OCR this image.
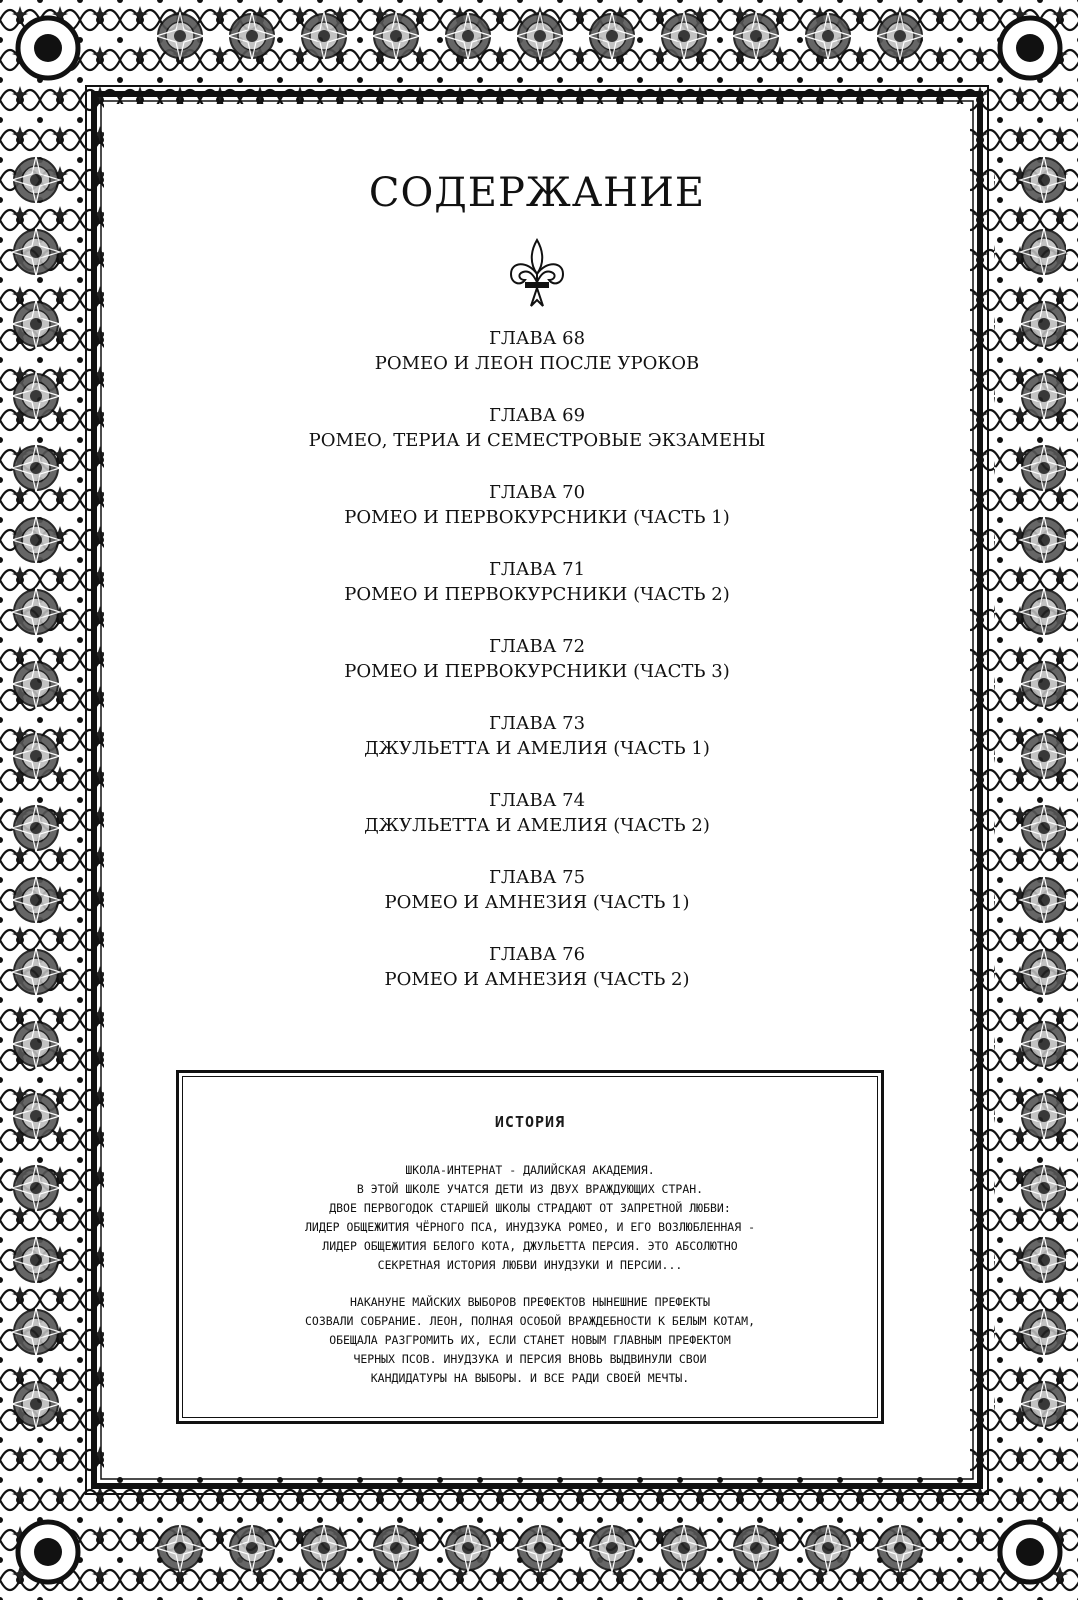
СОДЕРЖАНИЕ
ГЛАВА 68
РОМЕО И ЛЕОН ПОСЛЕ УРОКОВ
ГЛАВА 69
РОМЕО, ТЕРИА И СЕМЕСТРОВЫЕ ЭКЗАМЕНЫ
ГЛАВА 70
РОМЕО И ПЕРВОКУРСНИКИ (ЧАСТЬ 1)
ГЛАВА 71
РОМЕО И ПЕРВОКУРСНИКИ (ЧАСТЬ 2)
ГЛАВА 72
РОМЕО И ПЕРВОКУРСНИКИ (ЧАСТЬ 3)
ГЛАВА 73
ДЖУЛЬЕТТА И АМЕЛИЯ (ЧАСТЬ 1)
ГЛАВА 74
ДЖУЛЬЕТТА И АМЕЛИЯ (ЧАСТЬ 2)
ГЛАВА 75
РОМЕО И АМНЕЗИЯ (ЧАСТЬ 1)
ГЛАВА 76
РОМЕО И АМНЕЗИЯ (ЧАСТЬ 2)
ИСТОРИЯ
ШКОЛА-ИНТЕРНАТ - ДАЛИЙСКАЯ АКАДЕМИЯ.
В ЭТОЙ ШКОЛЕ УЧАТСЯ ДЕТИ ИЗ ДВУХ ВРАЖДУЮЩИХ СТРАН.
ДВОЕ ПЕРВОГОДОК СТАРШЕЙ ШКОЛЫ СТРАДАЮТ ОТ ЗАПРЕТНОЙ ЛЮБВИ:
ЛИДЕР ОБЩЕЖИТИЯ ЧЁРНОГО ПСА, ИНУДЗУКА РОМЕО, И ЕГО ВОЗЛЮБЛЕННАЯ -
ЛИДЕР ОБЩЕЖИТИЯ БЕЛОГО КОТА, ДЖУЛЬЕТТА ПЕРСИЯ. ЭТО АБСОЛЮТНО
СЕКРЕТНАЯ ИСТОРИЯ ЛЮБВИ ИНУДЗУКИ И ПЕРСИИ...
НАКАНУНЕ МАЙСКИХ ВЫБОРОВ ПРЕФЕКТОВ НЫНЕШНИЕ ПРЕФЕКТЫ
СОЗВАЛИ СОБРАНИЕ. ЛЕОН, ПОЛНАЯ ОСОБОЙ ВРАЖДЕБНОСТИ К БЕЛЫМ КОТАМ,
ОБЕЩАЛА РАЗГРОМИТЬ ИХ, ЕСЛИ СТАНЕТ НОВЫМ ГЛАВНЫМ ПРЕФЕКТОМ
ЧЕРНЫХ ПСОВ. ИНУДЗУКА И ПЕРСИЯ ВНОВЬ ВЫДВИНУЛИ СВОИ
КАНДИДАТУРЫ НА ВЫБОРЫ. И ВСЕ РАДИ СВОЕЙ МЕЧТЫ.
